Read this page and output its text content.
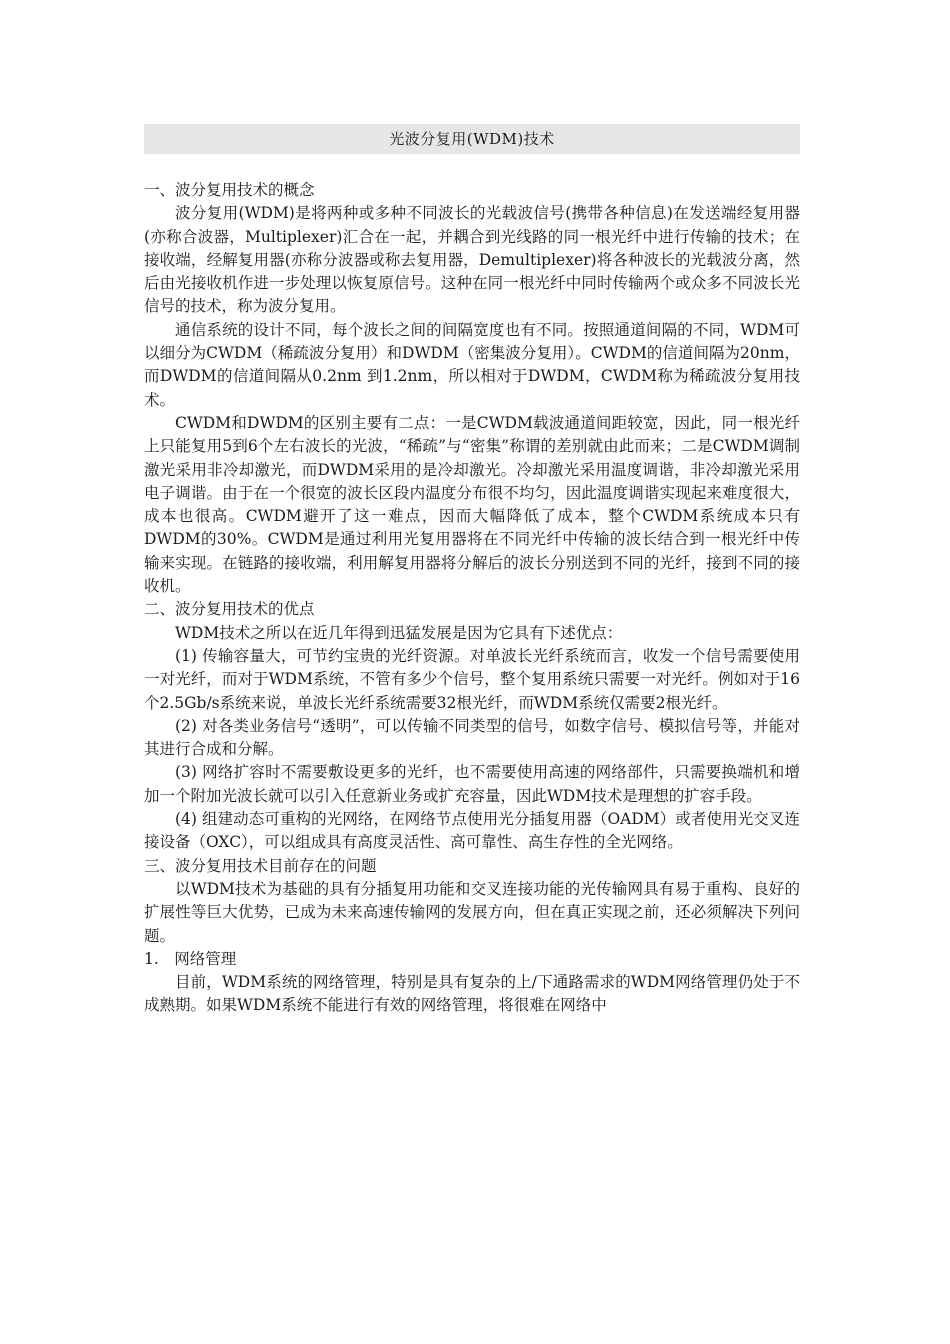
光波分复用(WDM)技术

一、波分复用技术的概念

波分复用(WDM)是将两种或多种不同波长的光载波信号(携带各种信息)在发送端经复用器(亦称合波器，Multiplexer)汇合在一起，并耦合到光线路的同一根光纤中进行传输的技术；在接收端，经解复用器(亦称分波器或称去复用器，Demultiplexer)将各种波长的光载波分离，然后由光接收机作进一步处理以恢复原信号。这种在同一根光纤中同时传输两个或众多不同波长光信号的技术，称为波分复用。

通信系统的设计不同，每个波长之间的间隔宽度也有不同。按照通道间隔的不同，WDM可以细分为CWDM（稀疏波分复用）和DWDM（密集波分复用）。CWDM的信道间隔为20nm，而DWDM的信道间隔从0.2nm 到1.2nm，所以相对于DWDM，CWDM称为稀疏波分复用技术。

CWDM和DWDM的区别主要有二点：一是CWDM载波通道间距较宽，因此，同一根光纤上只能复用5到6个左右波长的光波，“稀疏”与“密集”称谓的差别就由此而来；二是CWDM调制激光采用非冷却激光，而DWDM采用的是冷却激光。冷却激光采用温度调谐，非冷却激光采用电子调谐。由于在一个很宽的波长区段内温度分布很不均匀，因此温度调谐实现起来难度很大，成本也很高。CWDM避开了这一难点，因而大幅降低了成本，整个CWDM系统成本只有DWDM的30%。CWDM是通过利用光复用器将在不同光纤中传输的波长结合到一根光纤中传输来实现。在链路的接收端，利用解复用器将分解后的波长分别送到不同的光纤，接到不同的接收机。

二、波分复用技术的优点

WDM技术之所以在近几年得到迅猛发展是因为它具有下述优点：

(1) 传输容量大，可节约宝贵的光纤资源。对单波长光纤系统而言，收发一个信号需要使用一对光纤，而对于WDM系统，不管有多少个信号，整个复用系统只需要一对光纤。例如对于16个2.5Gb/s系统来说，单波长光纤系统需要32根光纤，而WDM系统仅需要2根光纤。

(2) 对各类业务信号“透明”，可以传输不同类型的信号，如数字信号、模拟信号等，并能对其进行合成和分解。

(3) 网络扩容时不需要敷设更多的光纤，也不需要使用高速的网络部件，只需要换端机和增加一个附加光波长就可以引入任意新业务或扩充容量，因此WDM技术是理想的扩容手段。

(4) 组建动态可重构的光网络，在网络节点使用光分插复用器（OADM）或者使用光交叉连接设备（OXC），可以组成具有高度灵活性、高可靠性、高生存性的全光网络。

三、波分复用技术目前存在的问题

以WDM技术为基础的具有分插复用功能和交叉连接功能的光传输网具有易于重构、良好的扩展性等巨大优势，已成为未来高速传输网的发展方向，但在真正实现之前，还必须解决下列问题。

1.　网络管理

目前，WDM系统的网络管理，特别是具有复杂的上/下通路需求的WDM网络管理仍处于不成熟期。如果WDM系统不能进行有效的网络管理，将很难在网络中
